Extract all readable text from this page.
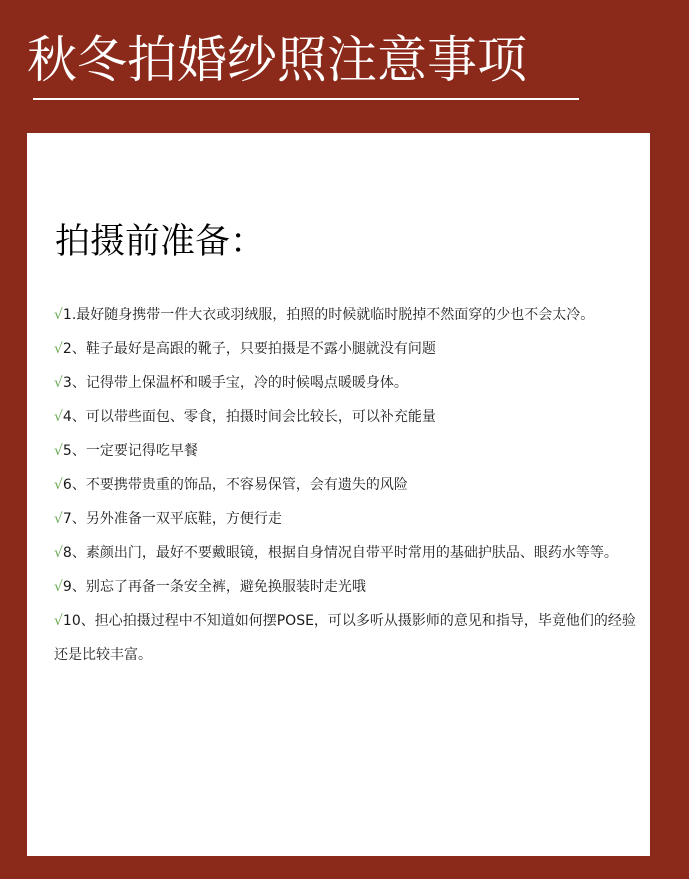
秋冬拍婚纱照注意事项
拍摄前准备：
√1.最好随身携带一件大衣或羽绒服，拍照的时候就临时脱掉不然面穿的少也不会太冷。
√2、鞋子最好是高跟的靴子，只要拍摄是不露小腿就没有问题
√3、记得带上保温杯和暖手宝，冷的时候喝点暖暖身体。
√4、可以带些面包、零食，拍摄时间会比较长，可以补充能量
√5、一定要记得吃早餐
√6、不要携带贵重的饰品，不容易保管，会有遗失的风险
√7、另外准备一双平底鞋，方便行走
√8、素颜出门，最好不要戴眼镜，根据自身情况自带平时常用的基础护肤品、眼药水等等。
√9、别忘了再备一条安全裤，避免换服装时走光哦
√10、担心拍摄过程中不知道如何摆POSE，可以多听从摄影师的意见和指导，毕竟他们的经验还是比较丰富。
